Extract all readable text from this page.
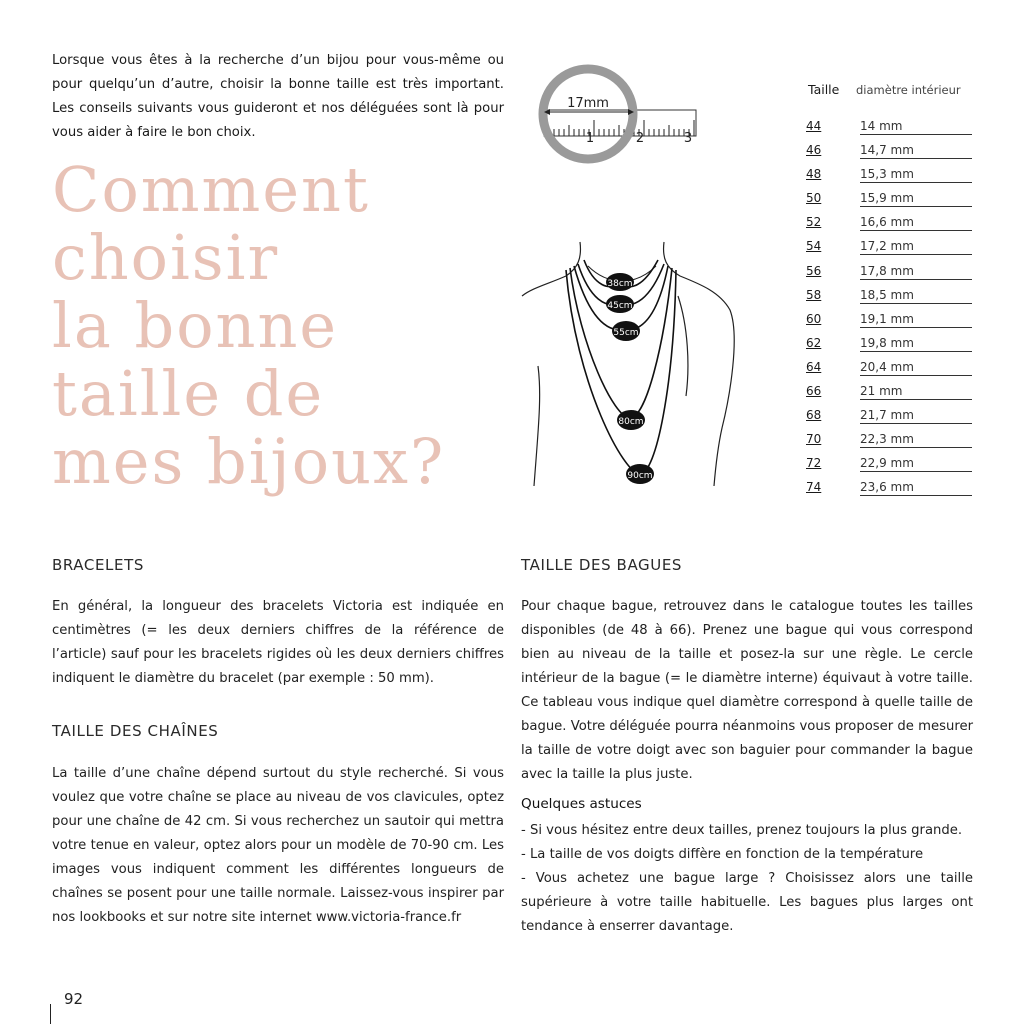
Lorsque vous êtes à la recherche d’un bijou pour vous-même ou pour quelqu’un d’autre, choisir la bonne taille est très important. Les conseils suivants vous guideront et nos déléguées sont là pour vous aider à faire le bon choix.

Comment
choisir
la bonne
taille de
mes bijoux?
1	2	3
17mm
38cm
45cm
55cm
80cm
90cm
Taille diamètre intérieur
44	14 mm
46	14,7 mm
48	15,3 mm
50	15,9 mm
52	16,6 mm
54	17,2 mm
56	17,8 mm
58	18,5 mm
60	19,1 mm
62	19,8 mm
64	20,4 mm
66	21 mm
68	21,7 mm
70	22,3 mm
72	22,9 mm
74	23,6 mm
BRACELETS

En général, la longueur des bracelets Victoria est indiquée en centimètres (= les deux derniers chiffres de la référence de l’article) sauf pour les bracelets rigides où les deux derniers chiffres indiquent le diamètre du bracelet (par exemple : 50 mm).

TAILLE DES CHAÎNES

La taille d’une chaîne dépend surtout du style recherché. Si vous voulez que votre chaîne se place au niveau de vos clavicules, optez pour une chaîne de 42 cm. Si vous recherchez un sautoir qui mettra votre tenue en valeur, optez alors pour un modèle de 70-90 cm. Les images vous indiquent comment les différentes longueurs de chaînes se posent pour une taille normale. Laissez-vous inspirer par nos lookbooks et sur notre site internet www.victoria-france.fr

TAILLE DES BAGUES

Pour chaque bague, retrouvez dans le catalogue toutes les tailles disponibles (de 48 à 66). Prenez une bague qui vous correspond bien au niveau de la taille et posez-la sur une règle. Le cercle intérieur de la bague (= le diamètre interne) équivaut à votre taille. Ce tableau vous indique quel diamètre correspond à quelle taille de bague. Votre déléguée pourra néanmoins vous proposer de mesurer la taille de votre doigt avec son baguier pour commander la bague avec la taille la plus juste.

Quelques astuces
- Si vous hésitez entre deux tailles, prenez toujours la plus grande.
- La taille de vos doigts diffère en fonction de la température
- Vous achetez une bague large ? Choisissez alors une taille supérieure à votre taille habituelle. Les bagues plus larges ont tendance à enserrer davantage.
92
